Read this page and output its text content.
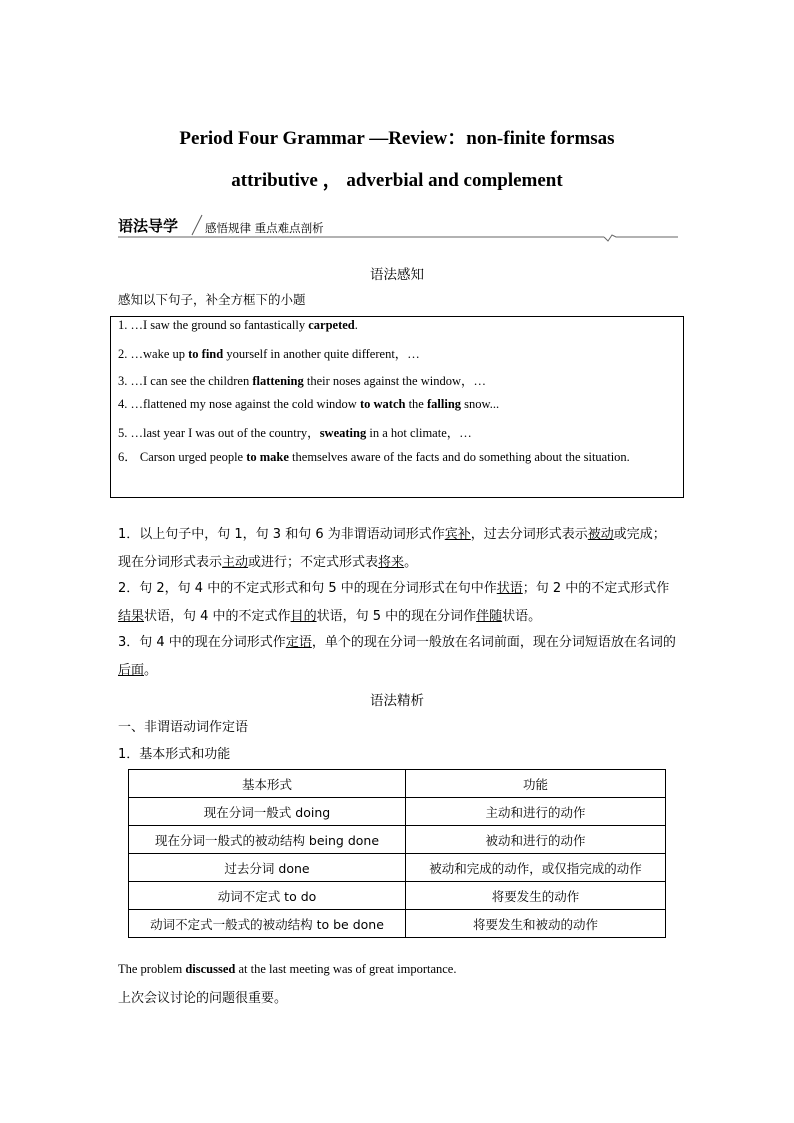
Period Four Grammar —Review：non-finite formsas
attributive ， adverbial and complement
语法导学 感悟规律 重点难点剖析
语法感知
感知以下句子，补全方框下的小题
1. …I saw the ground so fantastically carpeted.
2. …wake up to find yourself in another quite different，…
3. …I can see the children flattening their noses against the window，…
4. …flattened my nose against the cold window to watch the falling snow...
5. …last year I was out of the country，sweating in a hot climate，…
6． Carson urged people to make themselves aware of the facts and do something about the situation.
1．以上句子中，句 1，句 3 和句 6 为非谓语动词形式作宾补，过去分词形式表示被动或完成；现在分词形式表示主动或进行；不定式形式表将来。
2．句 2，句 4 中的不定式形式和句 5 中的现在分词形式在句中作状语；句 2 中的不定式形式作结果状语，句 4 中的不定式作目的状语，句 5 中的现在分词作伴随状语。
3．句 4 中的现在分词形式作定语，单个的现在分词一般放在名词前面，现在分词短语放在名词的后面。
语法精析
一、非谓语动词作定语
1．基本形式和功能
基本形式	功能
现在分词一般式 doing	主动和进行的动作
现在分词一般式的被动结构 being done	被动和进行的动作
过去分词 done	被动和完成的动作，或仅指完成的动作
动词不定式 to do	将要发生的动作
动词不定式一般式的被动结构 to be done	将要发生和被动的动作
The problem discussed at the last meeting was of great importance.
上次会议讨论的问题很重要。
